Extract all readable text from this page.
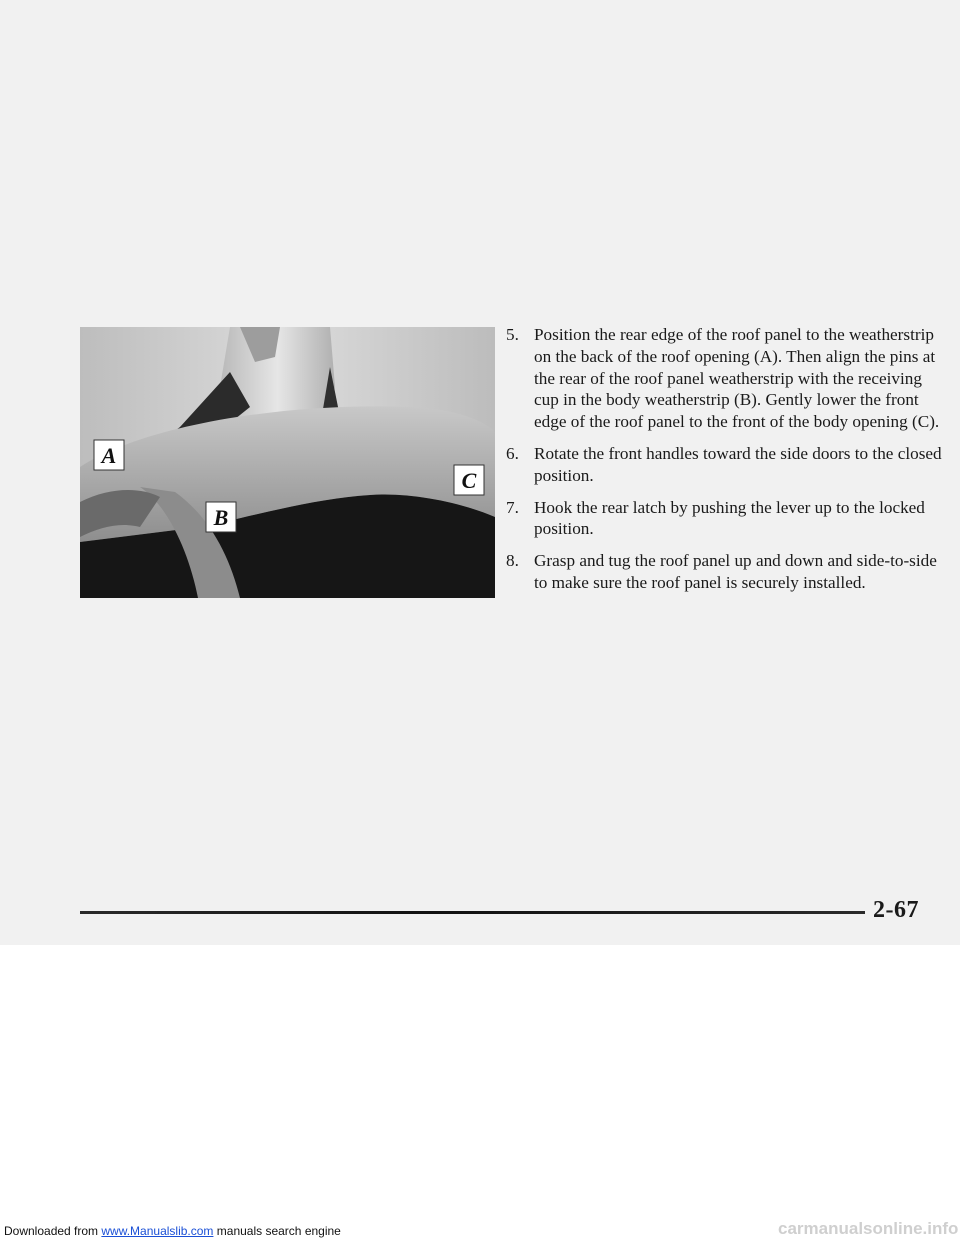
A
B
C
5. Position the rear edge of the roof panel to the weatherstrip on the back of the roof opening (A). Then align the pins at the rear of the roof panel weatherstrip with the receiving cup in the body weatherstrip (B). Gently lower the front edge of the roof panel to the front of the body opening (C).
6. Rotate the front handles toward the side doors to the closed position.
7. Hook the rear latch by pushing the lever up to the locked position.
8. Grasp and tug the roof panel up and down and side-to-side to make sure the roof panel is securely installed.
2-67
Downloaded from www.Manualslib.com manuals search engine	carmanualsonline.info
